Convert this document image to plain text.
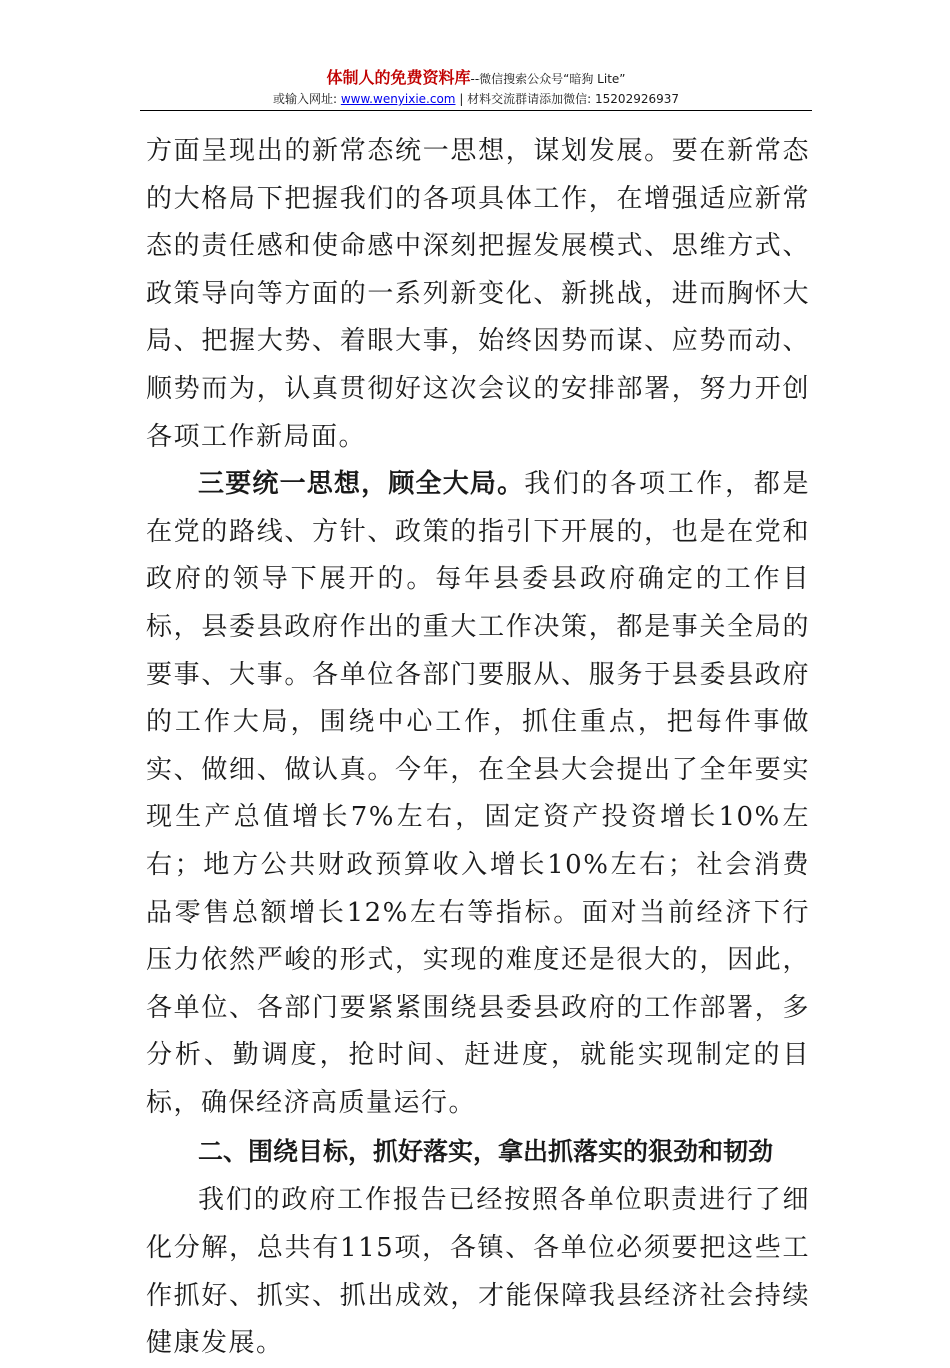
体制人的免费资料库--微信搜索公众号“暗狗 Lite”
或输入网址: www.wenyixie.com | 材料交流群请添加微信: 15202926937

方面呈现出的新常态统一思想，谋划发展。要在新常态的大格局下把握我们的各项具体工作，在增强适应新常态的责任感和使命感中深刻把握发展模式、思维方式、政策导向等方面的一系列新变化、新挑战，进而胸怀大局、把握大势、着眼大事，始终因势而谋、应势而动、顺势而为，认真贯彻好这次会议的安排部署，努力开创各项工作新局面。

三要统一思想，顾全大局。我们的各项工作，都是在党的路线、方针、政策的指引下开展的，也是在党和政府的领导下展开的。每年县委县政府确定的工作目标，县委县政府作出的重大工作决策，都是事关全局的要事、大事。各单位各部门要服从、服务于县委县政府的工作大局，围绕中心工作，抓住重点，把每件事做实、做细、做认真。今年，在全县大会提出了全年要实现生产总值增长7%左右，固定资产投资增长10%左右；地方公共财政预算收入增长10%左右；社会消费品零售总额增长12%左右等指标。面对当前经济下行压力依然严峻的形式，实现的难度还是很大的，因此，各单位、各部门要紧紧围绕县委县政府的工作部署，多分析、勤调度，抢时间、赶进度，就能实现制定的目标，确保经济高质量运行。

二、围绕目标，抓好落实，拿出抓落实的狠劲和韧劲

我们的政府工作报告已经按照各单位职责进行了细化分解，总共有115项，各镇、各单位必须要把这些工作抓好、抓实、抓出成效，才能保障我县经济社会持续健康发展。
